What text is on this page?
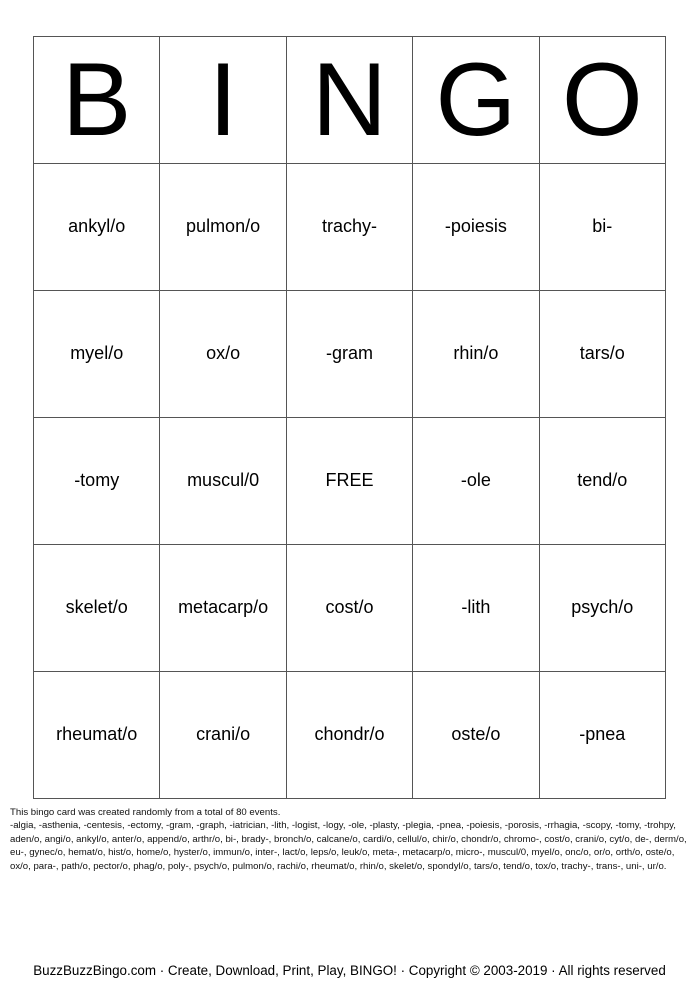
B	I	N	G	O
ankyl/o	pulmon/o	trachy-	-poiesis	bi-
myel/o	ox/o	-gram	rhin/o	tars/o
-tomy	muscul/0	FREE	-ole	tend/o
skelet/o	metacarp/o	cost/o	-lith	psych/o
rheumat/o	crani/o	chondr/o	oste/o	-pnea

This bingo card was created randomly from a total of 80 events.

-algia, -asthenia, -centesis, -ectomy, -gram, -graph, -iatrician, -lith, -logist, -logy, -ole, -plasty, -plegia, -pnea, -poiesis, -porosis, -rrhagia, -scopy, -tomy, -trohpy, aden/o, angi/o, ankyl/o, anter/o, append/o, arthr/o, bi-, brady-, bronch/o, calcane/o, cardi/o, cellul/o, chir/o, chondr/o, chromo-, cost/o, crani/o, cyt/o, de-, derm/o, eu-, gynec/o, hemat/o, hist/o, home/o, hyster/o, immun/o, inter-, lact/o, leps/o, leuk/o, meta-, metacarp/o, micro-, muscul/0, myel/o, onc/o, or/o, orth/o, oste/o, ox/o, para-, path/o, pector/o, phag/o, poly-, psych/o, pulmon/o, rachi/o, rheumat/o, rhin/o, skelet/o, spondyl/o, tars/o, tend/o, tox/o, trachy-, trans-, uni-, ur/o.

BuzzBuzzBingo.com · Create, Download, Print, Play, BINGO! · Copyright © 2003-2019 · All rights reserved
